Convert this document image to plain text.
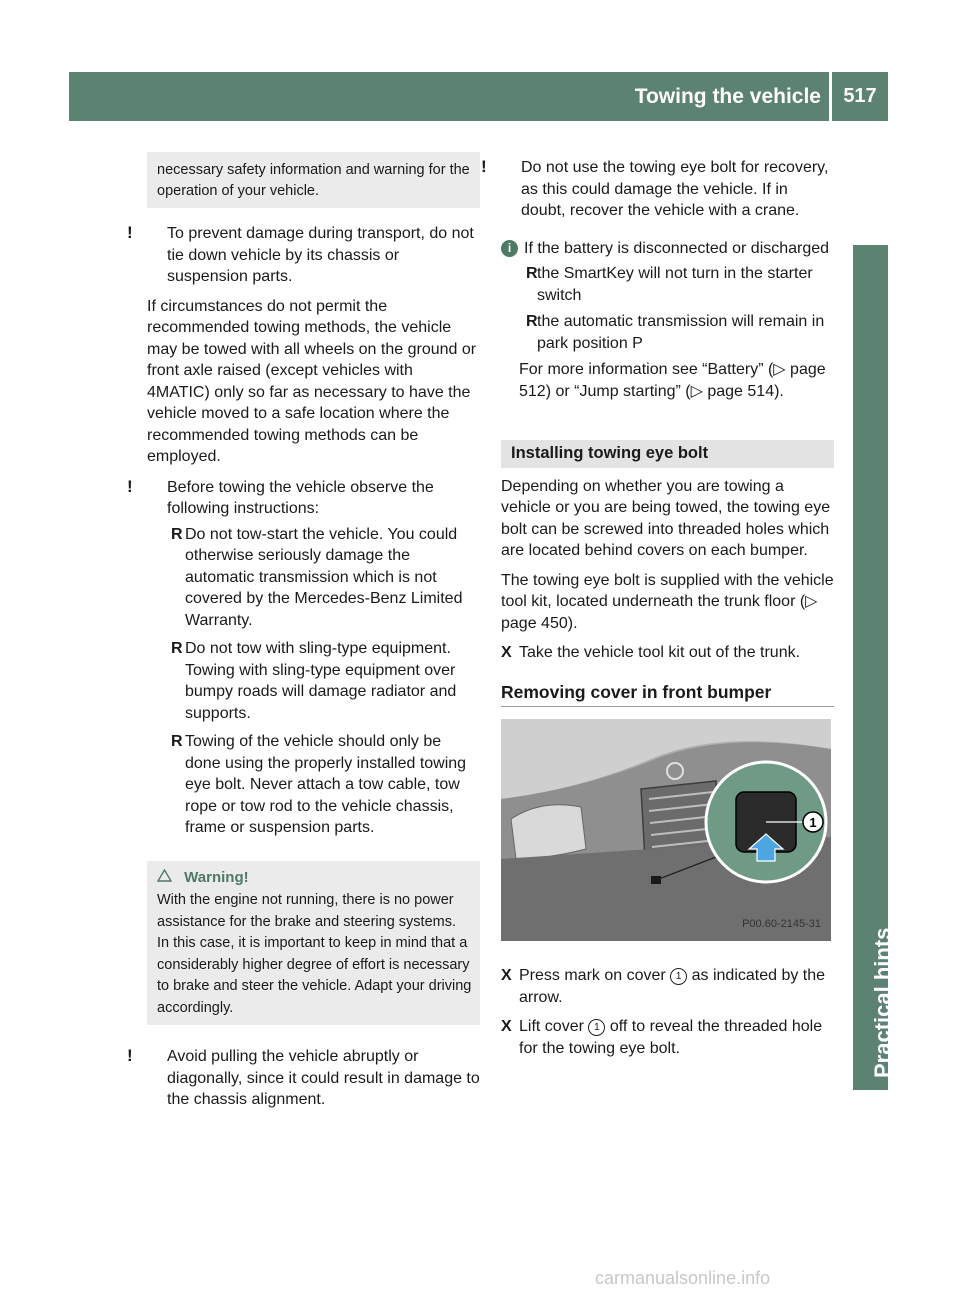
Towing the vehicle	517
Practical hints
necessary safety information and warning for the operation of your vehicle.

! To prevent damage during transport, do not tie down vehicle by its chassis or suspension parts.

If circumstances do not permit the recommended towing methods, the vehicle may be towed with all wheels on the ground or front axle raised (except vehicles with 4MATIC) only so far as necessary to have the vehicle moved to a safe location where the recommended towing methods can be employed.

! Before towing the vehicle observe the following instructions:

R Do not tow-start the vehicle. You could otherwise seriously damage the automatic transmission which is not covered by the Mercedes-Benz Limited Warranty.

R Do not tow with sling-type equipment. Towing with sling-type equipment over bumpy roads will damage radiator and supports.

R Towing of the vehicle should only be done using the properly installed towing eye bolt. Never attach a tow cable, tow rope or tow rod to the vehicle chassis, frame or suspension parts.

Warning!
With the engine not running, there is no power assistance for the brake and steering systems. In this case, it is important to keep in mind that a considerably higher degree of effort is necessary to brake and steer the vehicle. Adapt your driving accordingly.

! Avoid pulling the vehicle abruptly or diagonally, since it could result in damage to the chassis alignment.

! Do not use the towing eye bolt for recovery, as this could damage the vehicle. If in doubt, recover the vehicle with a crane.

i If the battery is disconnected or discharged

Rthe SmartKey will not turn in the starter switch

Rthe automatic transmission will remain in park position P

For more information see “Battery” (▷ page 512) or “Jump starting” (▷ page 514).

Installing towing eye bolt

Depending on whether you are towing a vehicle or you are being towed, the towing eye bolt can be screwed into threaded holes which are located behind covers on each bumper.

The towing eye bolt is supplied with the vehicle tool kit, located underneath the trunk floor (▷ page 450).

X Take the vehicle tool kit out of the trunk.

Removing cover in front bumper
1
P00.60-2145-31

X Press mark on cover 1 as indicated by the arrow.

X Lift cover 1 off to reveal the threaded hole for the towing eye bolt.

carmanualsonline.info
